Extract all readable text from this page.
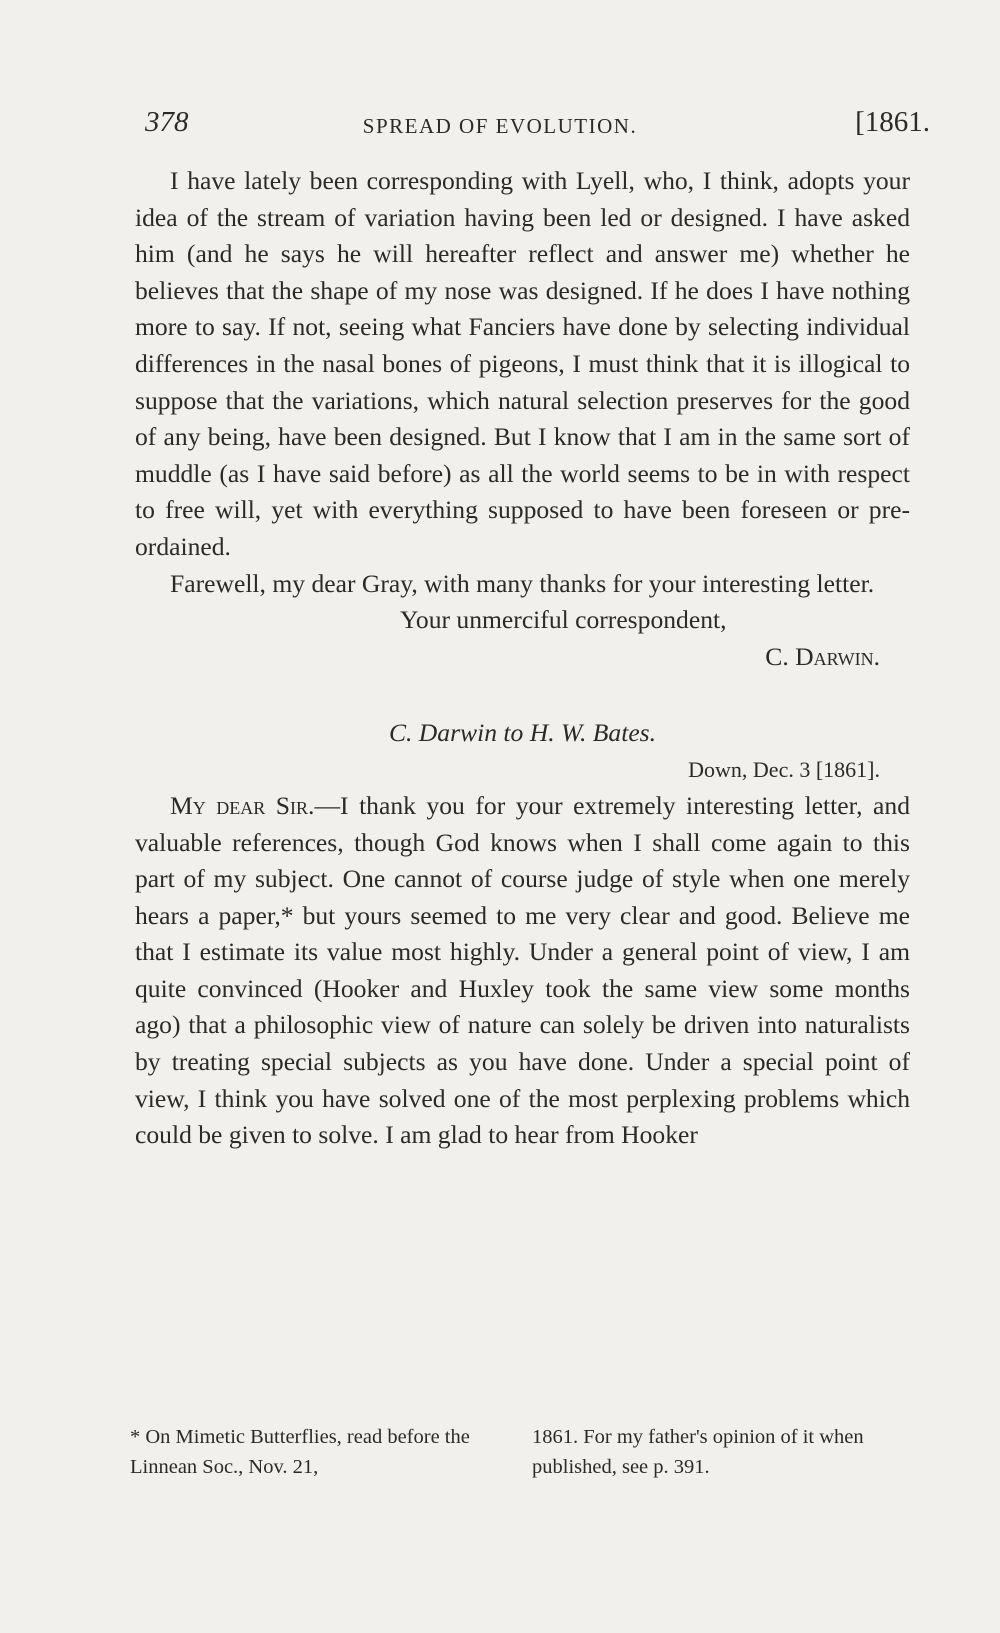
378	SPREAD OF EVOLUTION.	[1861.

I have lately been corresponding with Lyell, who, I think, adopts your idea of the stream of variation having been led or designed. I have asked him (and he says he will hereafter reflect and answer me) whether he believes that the shape of my nose was designed. If he does I have nothing more to say. If not, seeing what Fanciers have done by selecting individual differences in the nasal bones of pigeons, I must think that it is illogical to suppose that the variations, which natural selection preserves for the good of any being, have been designed. But I know that I am in the same sort of muddle (as I have said before) as all the world seems to be in with respect to free will, yet with everything supposed to have been foreseen or pre-ordained.

Farewell, my dear Gray, with many thanks for your interesting letter.

Your unmerciful correspondent,
C. Darwin.
C. Darwin to H. W. Bates.
Down, Dec. 3 [1861].

My dear Sir.—I thank you for your extremely interesting letter, and valuable references, though God knows when I shall come again to this part of my subject. One cannot of course judge of style when one merely hears a paper,* but yours seemed to me very clear and good. Believe me that I estimate its value most highly. Under a general point of view, I am quite convinced (Hooker and Huxley took the same view some months ago) that a philosophic view of nature can solely be driven into naturalists by treating special subjects as you have done. Under a special point of view, I think you have solved one of the most perplexing problems which could be given to solve. I am glad to hear from Hooker

* On Mimetic Butterflies, read before the Linnean Soc., Nov. 21,
1861. For my father's opinion of it when published, see p. 391.
